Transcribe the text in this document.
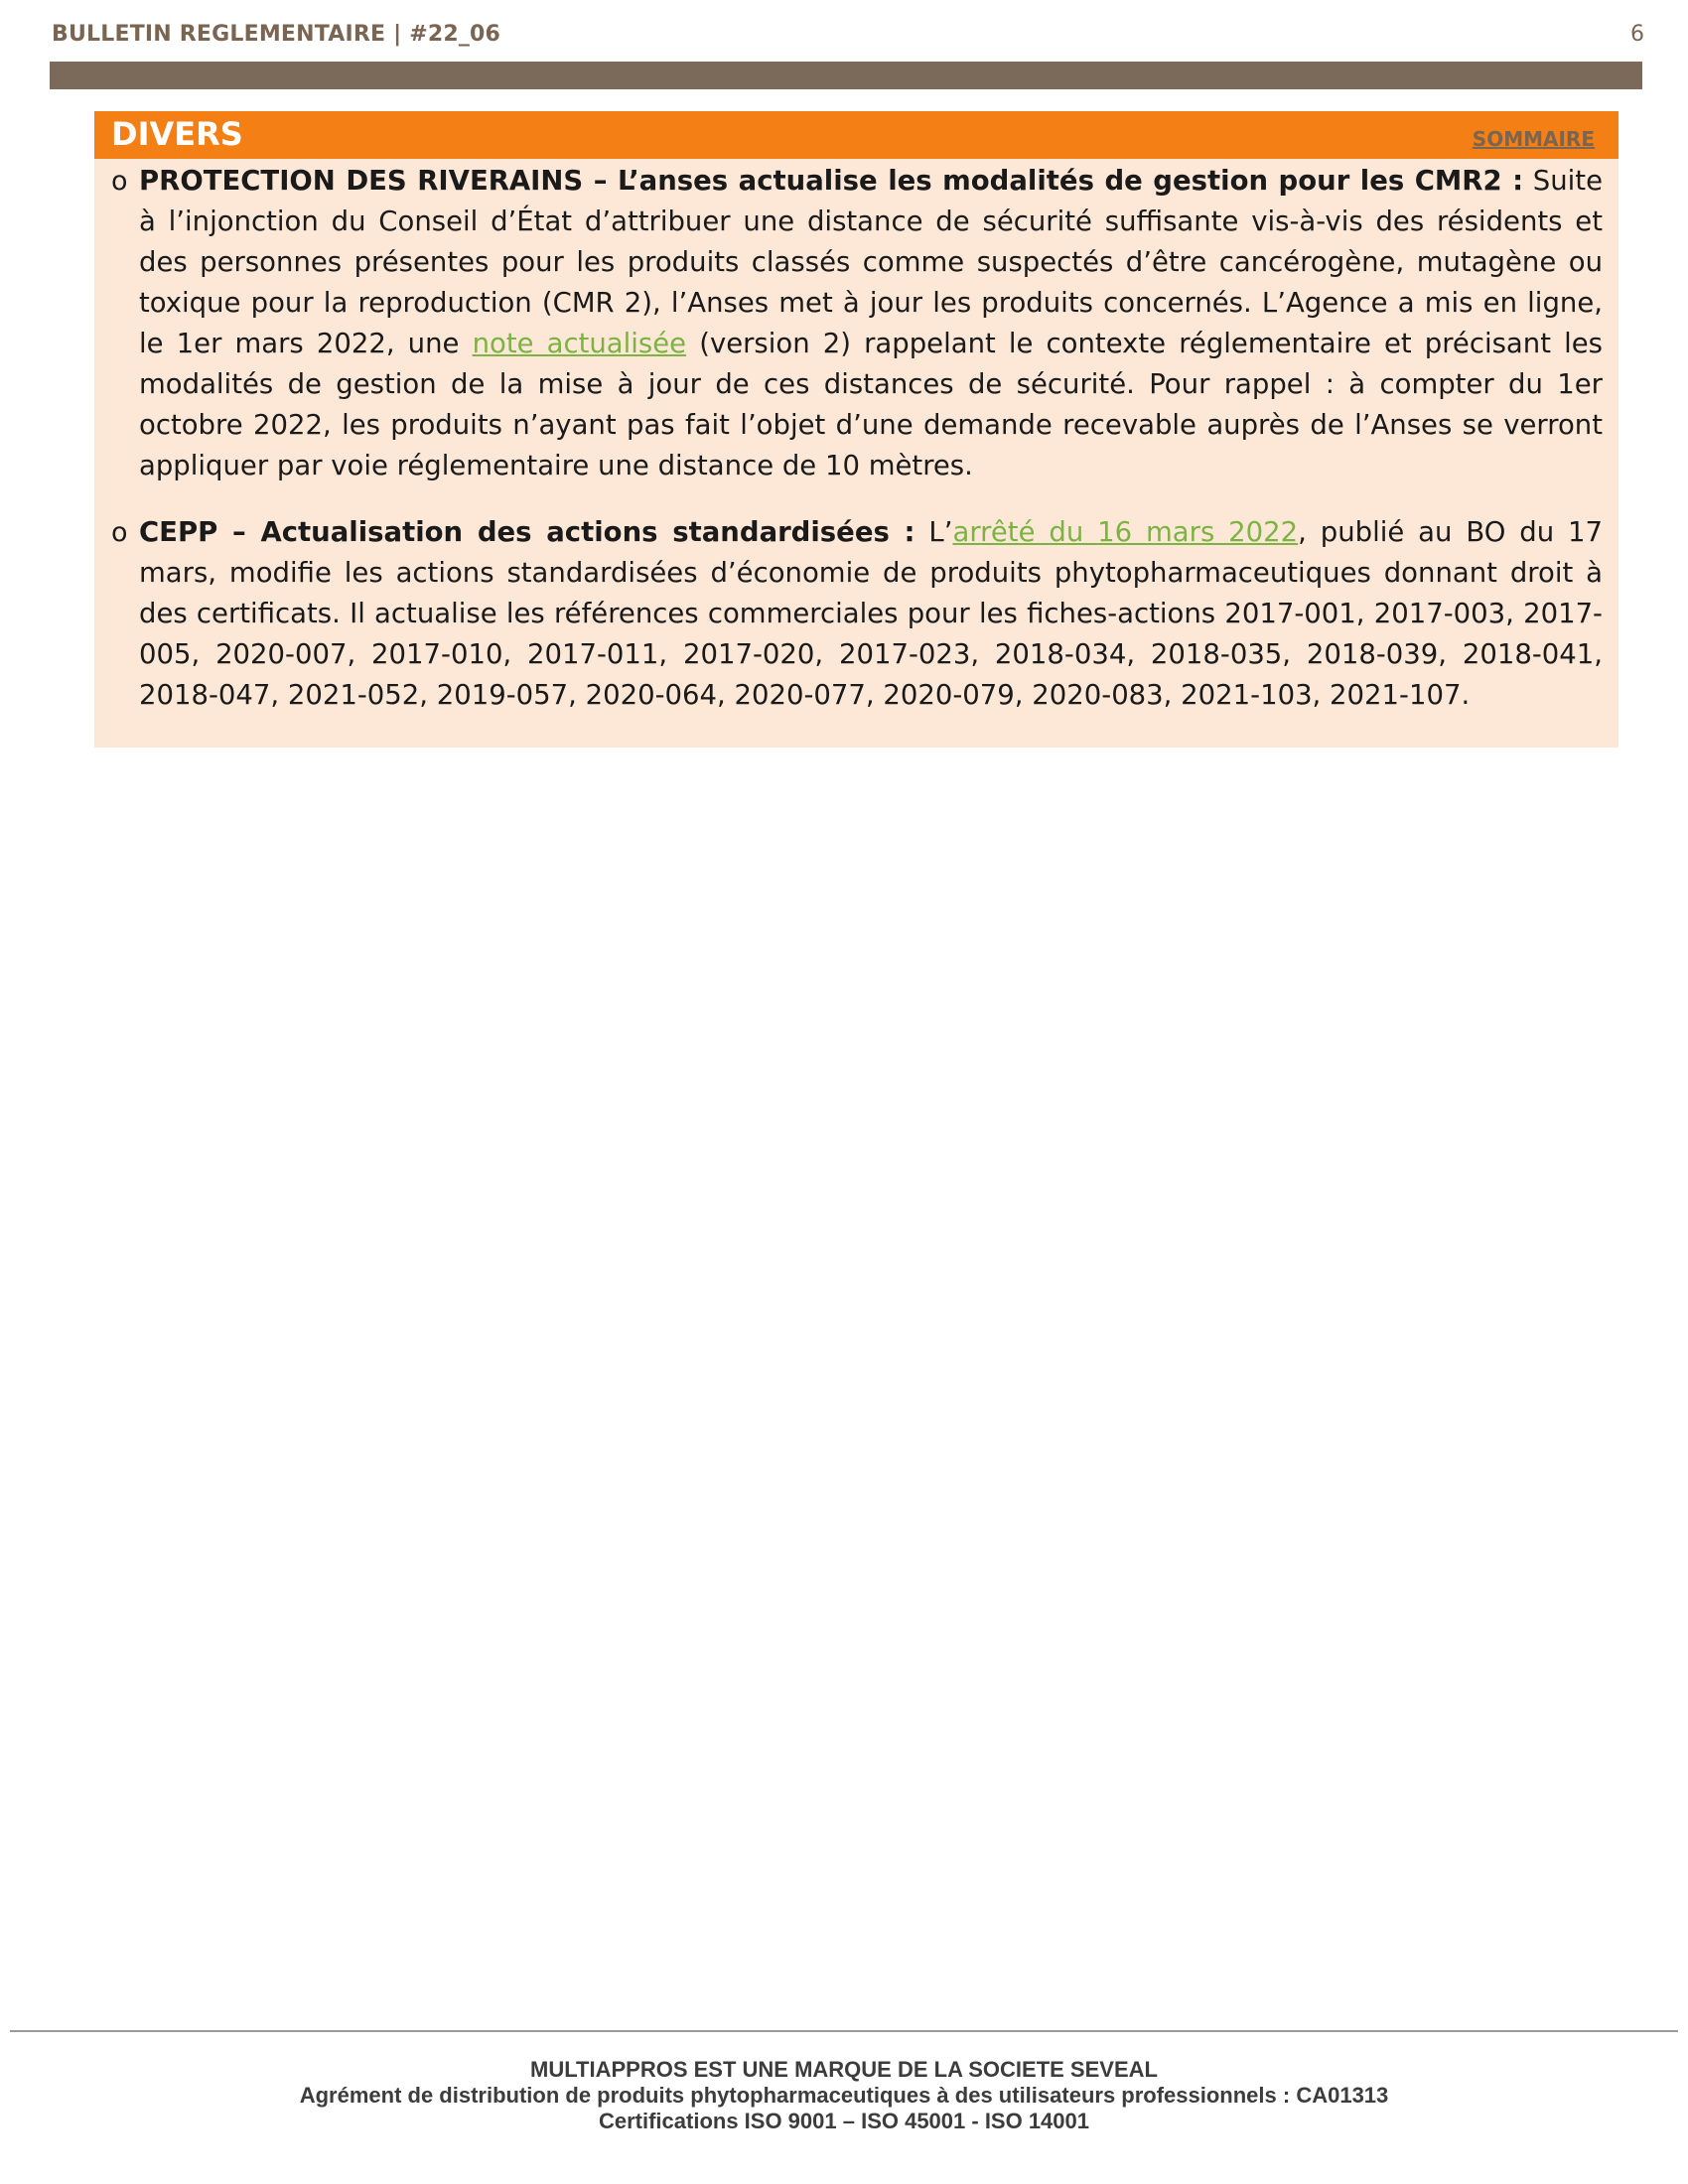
BULLETIN REGLEMENTAIRE | #22_06	6
DIVERS	SOMMAIRE
o PROTECTION DES RIVERAINS – L’anses actualise les modalités de gestion pour les CMR2 : Suite à l’injonction du Conseil d’État d’attribuer une distance de sécurité suffisante vis-à-vis des résidents et des personnes présentes pour les produits classés comme suspectés d’être cancérogène, mutagène ou toxique pour la reproduction (CMR 2), l’Anses met à jour les produits concernés. L’Agence a mis en ligne, le 1er mars 2022, une note actualisée (version 2) rappelant le contexte réglementaire et précisant les modalités de gestion de la mise à jour de ces distances de sécurité. Pour rappel : à compter du 1er octobre 2022, les produits n’ayant pas fait l’objet d’une demande recevable auprès de l’Anses se verront appliquer par voie réglementaire une distance de 10 mètres.
o CEPP – Actualisation des actions standardisées : L’arrêté du 16 mars 2022, publié au BO du 17 mars, modifie les actions standardisées d’économie de produits phytopharmaceutiques donnant droit à des certificats. Il actualise les références commerciales pour les fiches-actions 2017-001, 2017-003, 2017-005, 2020-007, 2017-010, 2017-011, 2017-020, 2017-023, 2018-034, 2018-035, 2018-039, 2018-041, 2018-047, 2021-052, 2019-057, 2020-064, 2020-077, 2020-079, 2020-083, 2021-103, 2021-107.
MULTIAPPROS EST UNE MARQUE DE LA SOCIETE SEVEAL
Agrément de distribution de produits phytopharmaceutiques à des utilisateurs professionnels : CA01313
Certifications ISO 9001 – ISO 45001 - ISO 14001
